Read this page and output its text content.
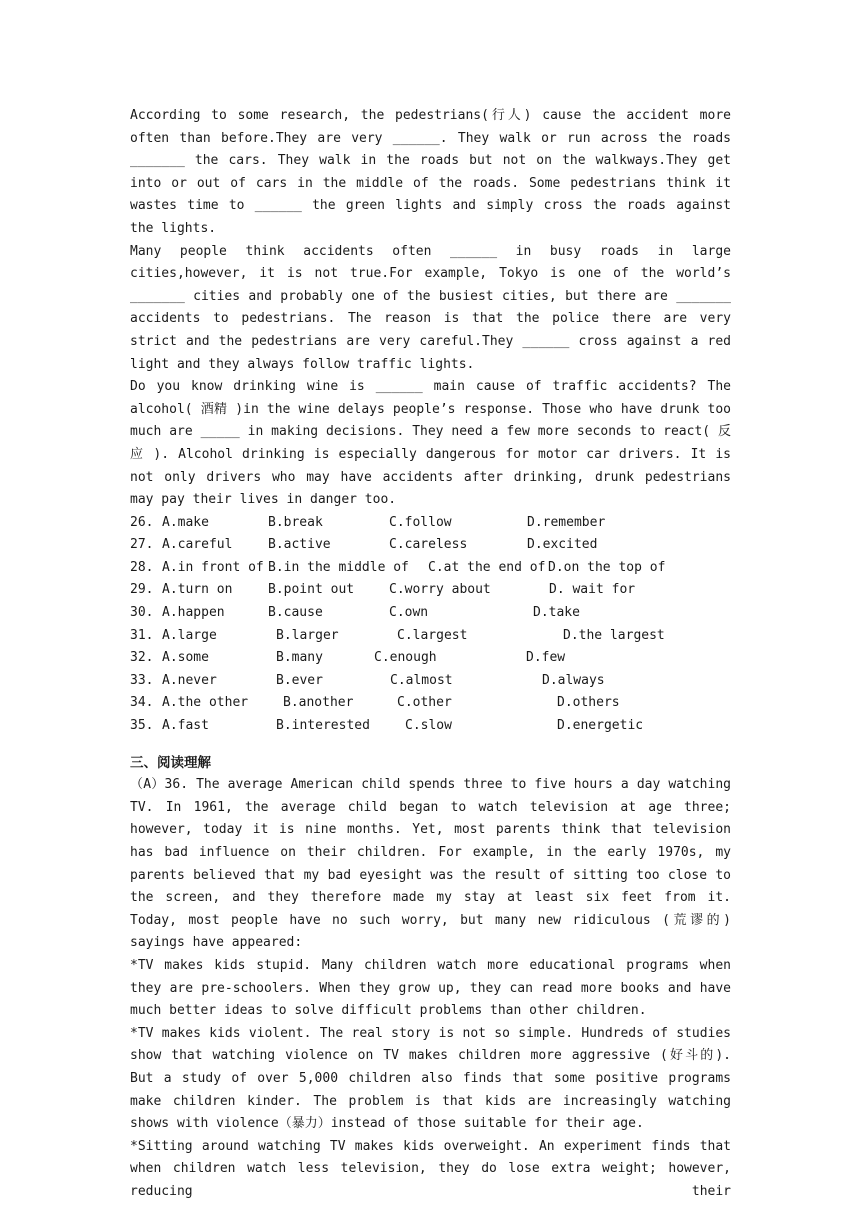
According to some research, the pedestrians(行人) cause the accident more often than before.They are very ______. They walk or run across the roads _______ the cars. They walk in the roads but not on the walkways.They get into or out of cars in the middle of the roads. Some pedestrians think it wastes time to ______ the green lights and simply cross the roads against the lights.

Many people think accidents often ______ in busy roads in large cities,however, it is not true.For example, Tokyo is one of the world’s _______ cities and probably one of the busiest cities, but there are _______ accidents to pedestrians. The reason is that the police there are very strict and the pedestrians are very careful.They ______ cross against a red light and they always follow traffic lights.

Do you know drinking wine is ______ main cause of traffic accidents? The alcohol( 酒精 )in the wine delays people’s response. Those who have drunk too much are _____ in making decisions. They need a few more seconds to react( 反应 ). Alcohol drinking is especially dangerous for motor car drivers. It is not only drivers who may have accidents after drinking, drunk pedestrians may pay their lives in danger too.

26. A.make	B.break	C.follow	D.remember
27. A.careful	B.active	C.careless	D.excited
28. A.in front of B.in the middle of	C.at the end of D.on the top of
29. A.turn on	B.point out	C.worry about	D. wait for
30. A.happen	B.cause	C.own	D.take
31. A.large	B.larger	C.largest	D.the largest
32. A.some	B.many	C.enough	D.few
33. A.never	B.ever	C.almost	D.always
34. A.the other	B.another	C.other	D.others
35. A.fast	B.interested	C.slow	D.energetic

三、阅读理解

（A）36. The average American child spends three to five hours a day watching TV. In 1961, the average child began to watch television at age three; however, today it is nine months. Yet, most parents think that television has bad influence on their children. For example, in the early 1970s, my parents believed that my bad eyesight was the result of sitting too close to the screen, and they therefore made my stay at least six feet from it. Today, most people have no such worry, but many new ridiculous (荒谬的) sayings have appeared:

*TV makes kids stupid. Many children watch more educational programs when they are pre-schoolers. When they grow up, they can read more books and have much better ideas to solve difficult problems than other children.

*TV makes kids violent. The real story is not so simple. Hundreds of studies show that watching violence on TV makes children more aggressive (好斗的). But a study of over 5,000 children also finds that some positive programs make children kinder. The problem is that kids are increasingly watching shows with violence（暴力）instead of those suitable for their age.

*Sitting around watching TV makes kids overweight. An experiment finds that when children watch less television, they do lose extra weight; however, reducing their
